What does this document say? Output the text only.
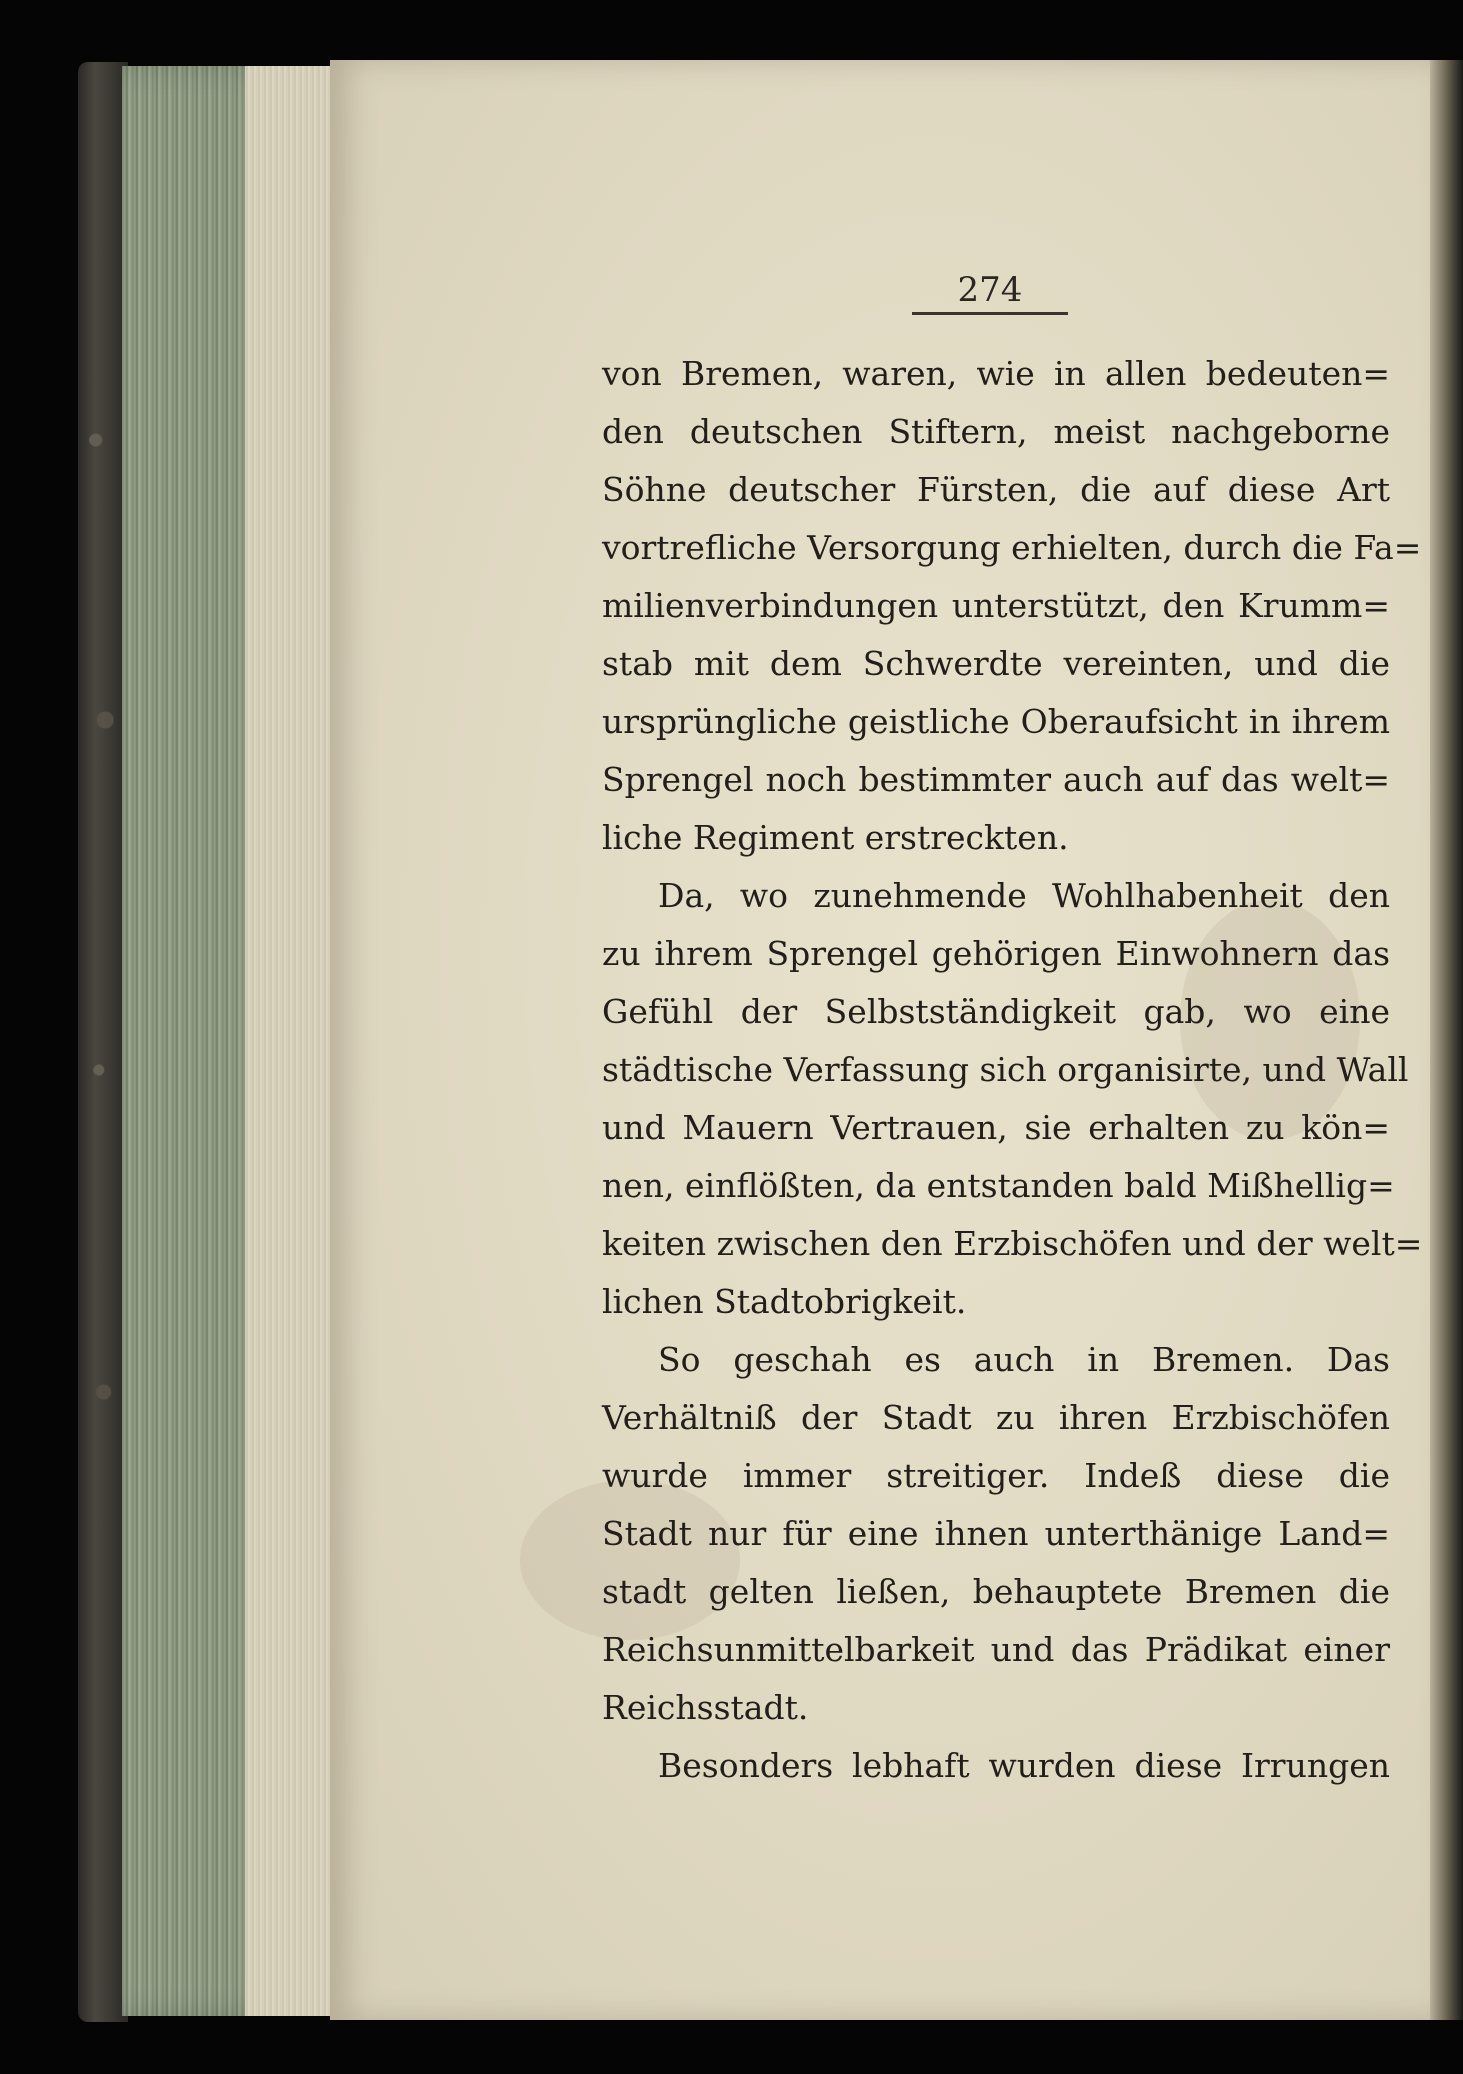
274
von Bremen, waren, wie in allen bedeuten=
den deutschen Stiftern, meist nachgeborne
Söhne deutscher Fürsten, die auf diese Art
vortrefliche Versorgung erhielten, durch die Fa=
milienverbindungen unterstützt, den Krumm=
stab mit dem Schwerdte vereinten, und die
ursprüngliche geistliche Oberaufsicht in ihrem
Sprengel noch bestimmter auch auf das welt=
liche Regiment erstreckten.
Da, wo zunehmende Wohlhabenheit den
zu ihrem Sprengel gehörigen Einwohnern das
Gefühl der Selbstständigkeit gab, wo eine
städtische Verfassung sich organisirte, und Wall
und Mauern Vertrauen, sie erhalten zu kön=
nen, einflößten, da entstanden bald Mißhellig=
keiten zwischen den Erzbischöfen und der welt=
lichen Stadtobrigkeit.
So geschah es auch in Bremen. Das
Verhältniß der Stadt zu ihren Erzbischöfen
wurde immer streitiger. Indeß diese die
Stadt nur für eine ihnen unterthänige Land=
stadt gelten ließen, behauptete Bremen die
Reichsunmittelbarkeit und das Prädikat einer
Reichsstadt.
Besonders lebhaft wurden diese Irrungen
